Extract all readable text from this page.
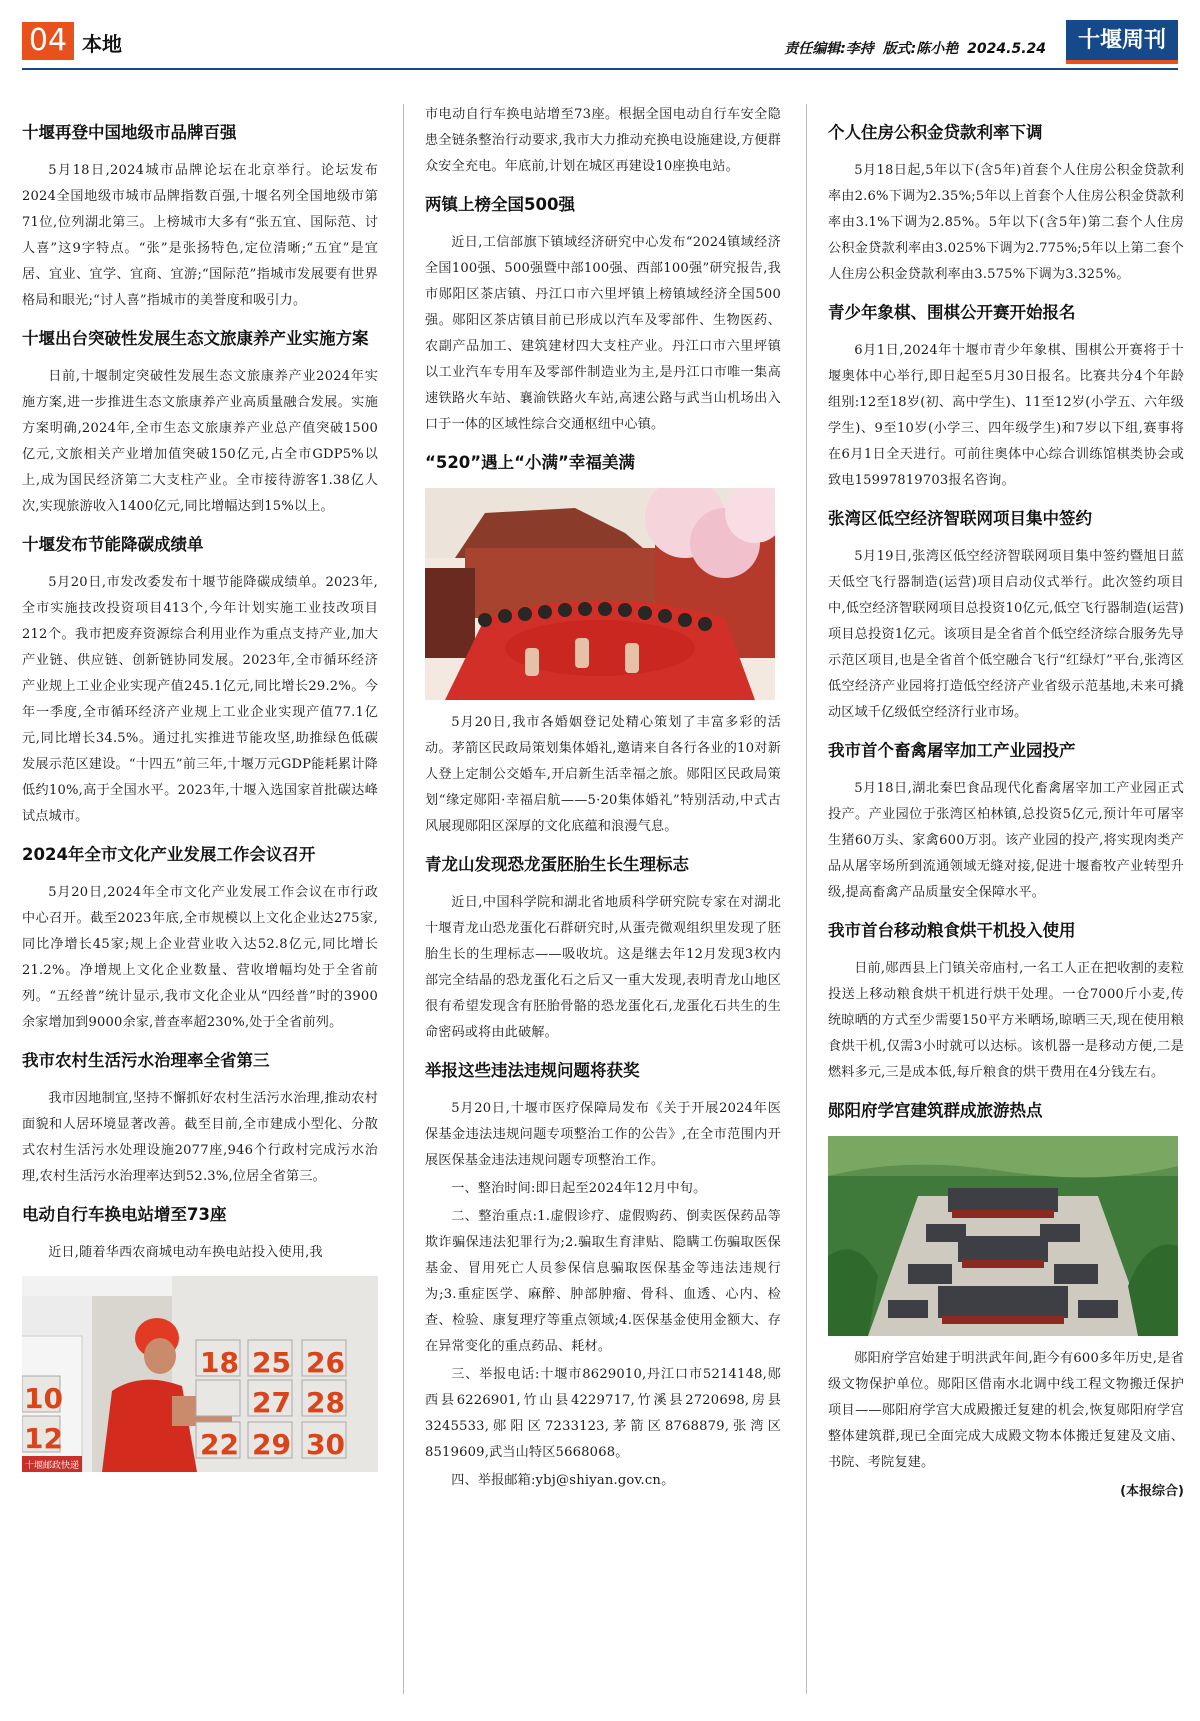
04 本地	责任编辑:李持 版式:陈小艳 2024.5.24	十堰周刊
十堰再登中国地级市品牌百强

5月18日,2024城市品牌论坛在北京举行。论坛发布2024全国地级市城市品牌指数百强,十堰名列全国地级市第71位,位列湖北第三。上榜城市大多有“张五宜、国际范、讨人喜”这9字特点。“张”是张扬特色,定位清晰;“五宜”是宜居、宜业、宜学、宜商、宜游;“国际范”指城市发展要有世界格局和眼光;“讨人喜”指城市的美誉度和吸引力。

十堰出台突破性发展生态文旅康养产业实施方案

日前,十堰制定突破性发展生态文旅康养产业2024年实施方案,进一步推进生态文旅康养产业高质量融合发展。实施方案明确,2024年,全市生态文旅康养产业总产值突破1500亿元,文旅相关产业增加值突破150亿元,占全市GDP5%以上,成为国民经济第二大支柱产业。全市接待游客1.38亿人次,实现旅游收入1400亿元,同比增幅达到15%以上。

十堰发布节能降碳成绩单

5月20日,市发改委发布十堰节能降碳成绩单。2023年,全市实施技改投资项目413个,今年计划实施工业技改项目212个。我市把废弃资源综合利用业作为重点支持产业,加大产业链、供应链、创新链协同发展。2023年,全市循环经济产业规上工业企业实现产值245.1亿元,同比增长29.2%。今年一季度,全市循环经济产业规上工业企业实现产值77.1亿元,同比增长34.5%。通过扎实推进节能攻坚,助推绿色低碳发展示范区建设。“十四五”前三年,十堰万元GDP能耗累计降低约10%,高于全国水平。2023年,十堰入选国家首批碳达峰试点城市。

2024年全市文化产业发展工作会议召开

5月20日,2024年全市文化产业发展工作会议在市行政中心召开。截至2023年底,全市规模以上文化企业达275家,同比净增长45家;规上企业营业收入达52.8亿元,同比增长21.2%。净增规上文化企业数量、营收增幅均处于全省前列。“五经普”统计显示,我市文化企业从“四经普”时的3900余家增加到9000余家,普查率超230%,处于全省前列。

我市农村生活污水治理率全省第三

我市因地制宜,坚持不懈抓好农村生活污水治理,推动农村面貌和人居环境显著改善。截至目前,全市建成小型化、分散式农村生活污水处理设施2077座,946个行政村完成污水治理,农村生活污水治理率达到52.3%,位居全省第三。

电动自行车换电站增至73座

近日,随着华西农商城电动车换电站投入使用,我

10
18 25 26
12
27 28
22 29 30
十堰邮政快递

市电动自行车换电站增至73座。根据全国电动自行车安全隐患全链条整治行动要求,我市大力推动充换电设施建设,方便群众安全充电。年底前,计划在城区再建设10座换电站。

两镇上榜全国500强

近日,工信部旗下镇域经济研究中心发布“2024镇域经济全国100强、500强暨中部100强、西部100强”研究报告,我市郧阳区茶店镇、丹江口市六里坪镇上榜镇域经济全国500强。郧阳区茶店镇目前已形成以汽车及零部件、生物医药、农副产品加工、建筑建材四大支柱产业。丹江口市六里坪镇以工业汽车专用车及零部件制造业为主,是丹江口市唯一集高速铁路火车站、襄渝铁路火车站,高速公路与武当山机场出入口于一体的区域性综合交通枢纽中心镇。

“520”遇上“小满”幸福美满

5月20日,我市各婚姻登记处精心策划了丰富多彩的活动。茅箭区民政局策划集体婚礼,邀请来自各行各业的10对新人登上定制公交婚车,开启新生活幸福之旅。郧阳区民政局策划“缘定郧阳·幸福启航——5·20集体婚礼”特别活动,中式古风展现郧阳区深厚的文化底蕴和浪漫气息。

青龙山发现恐龙蛋胚胎生长生理标志

近日,中国科学院和湖北省地质科学研究院专家在对湖北十堰青龙山恐龙蛋化石群研究时,从蛋壳微观组织里发现了胚胎生长的生理标志——吸收坑。这是继去年12月发现3枚内部完全结晶的恐龙蛋化石之后又一重大发现,表明青龙山地区很有希望发现含有胚胎骨骼的恐龙蛋化石,龙蛋化石共生的生命密码或将由此破解。

举报这些违法违规问题将获奖

5月20日,十堰市医疗保障局发布《关于开展2024年医保基金违法违规问题专项整治工作的公告》,在全市范围内开展医保基金违法违规问题专项整治工作。

一、整治时间:即日起至2024年12月中旬。

二、整治重点:1.虚假诊疗、虚假购药、倒卖医保药品等欺诈骗保违法犯罪行为;2.骗取生育津贴、隐瞒工伤骗取医保基金、冒用死亡人员参保信息骗取医保基金等违法违规行为;3.重症医学、麻醉、肿部肿瘤、骨科、血透、心内、检查、检验、康复理疗等重点领域;4.医保基金使用金额大、存在异常变化的重点药品、耗材。

三、举报电话:十堰市8629010,丹江口市5214148,郧西县6226901,竹山县4229717,竹溪县2720698,房县3245533,郧阳区7233123,茅箭区8768879,张湾区8519609,武当山特区5668068。

四、举报邮箱:ybj@shiyan.gov.cn。

个人住房公积金贷款利率下调

5月18日起,5年以下(含5年)首套个人住房公积金贷款利率由2.6%下调为2.35%;5年以上首套个人住房公积金贷款利率由3.1%下调为2.85%。5年以下(含5年)第二套个人住房公积金贷款利率由3.025%下调为2.775%;5年以上第二套个人住房公积金贷款利率由3.575%下调为3.325%。

青少年象棋、围棋公开赛开始报名

6月1日,2024年十堰市青少年象棋、围棋公开赛将于十堰奥体中心举行,即日起至5月30日报名。比赛共分4个年龄组别:12至18岁(初、高中学生)、11至12岁(小学五、六年级学生)、9至10岁(小学三、四年级学生)和7岁以下组,赛事将在6月1日全天进行。可前往奥体中心综合训练馆棋类协会或致电15997819703报名咨询。

张湾区低空经济智联网项目集中签约

5月19日,张湾区低空经济智联网项目集中签约暨旭日蓝天低空飞行器制造(运营)项目启动仪式举行。此次签约项目中,低空经济智联网项目总投资10亿元,低空飞行器制造(运营)项目总投资1亿元。该项目是全省首个低空经济综合服务先导示范区项目,也是全省首个低空融合飞行“红绿灯”平台,张湾区低空经济产业园将打造低空经济产业省级示范基地,未来可撬动区域千亿级低空经济行业市场。

我市首个畜禽屠宰加工产业园投产

5月18日,湖北秦巴食品现代化畜禽屠宰加工产业园正式投产。产业园位于张湾区柏林镇,总投资5亿元,预计年可屠宰生猪60万头、家禽600万羽。该产业园的投产,将实现肉类产品从屠宰场所到流通领域无缝对接,促进十堰畜牧产业转型升级,提高畜禽产品质量安全保障水平。

我市首台移动粮食烘干机投入使用

日前,郧西县上门镇关帝庙村,一名工人正在把收割的麦粒投送上移动粮食烘干机进行烘干处理。一仓7000斤小麦,传统晾晒的方式至少需要150平方米晒场,晾晒三天,现在使用粮食烘干机,仅需3小时就可以达标。该机器一是移动方便,二是燃料多元,三是成本低,每斤粮食的烘干费用在4分钱左右。

郧阳府学宫建筑群成旅游热点

郧阳府学宫始建于明洪武年间,距今有600多年历史,是省级文物保护单位。郧阳区借南水北调中线工程文物搬迁保护项目——郧阳府学宫大成殿搬迁复建的机会,恢复郧阳府学宫整体建筑群,现已全面完成大成殿文物本体搬迁复建及文庙、书院、考院复建。

(本报综合)
